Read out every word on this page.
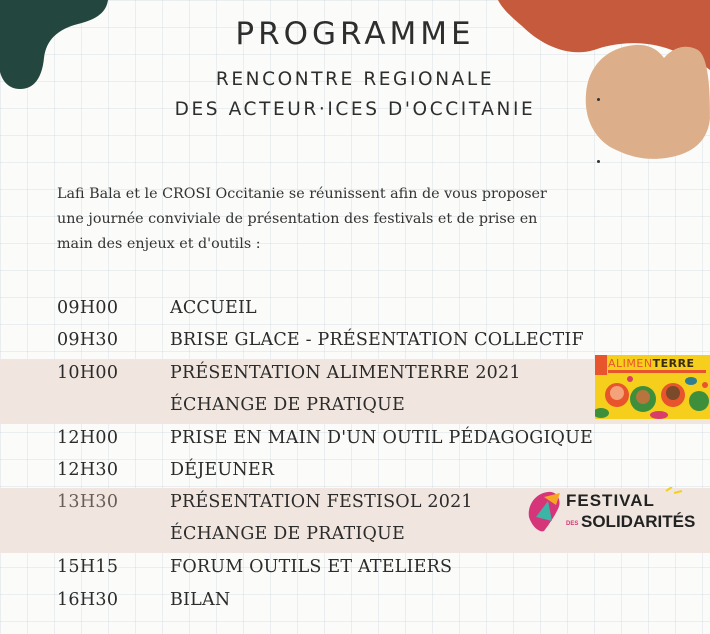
PROGRAMME
RENCONTRE REGIONALE
DES ACTEUR·ICES D'OCCITANIE
Lafi Bala et le CROSI Occitanie se réunissent afin de vous proposer
une journée conviviale de présentation des festivals et de prise en
main des enjeux et d'outils :
09H00	ACCUEIL
09H30	BRISE GLACE - PRÉSENTATION COLLECTIF
10H00	PRÉSENTATION ALIMENTERRE 2021
ÉCHANGE DE PRATIQUE
12H00	PRISE EN MAIN D'UN OUTIL PÉDAGOGIQUE
12H30	DÉJEUNER
13H30	PRÉSENTATION FESTISOL 2021
ÉCHANGE DE PRATIQUE
15H15	FORUM OUTILS ET ATELIERS
16H30	BILAN
ALIMENTERRE
FESTIVAL
DES SOLIDARITÉS
